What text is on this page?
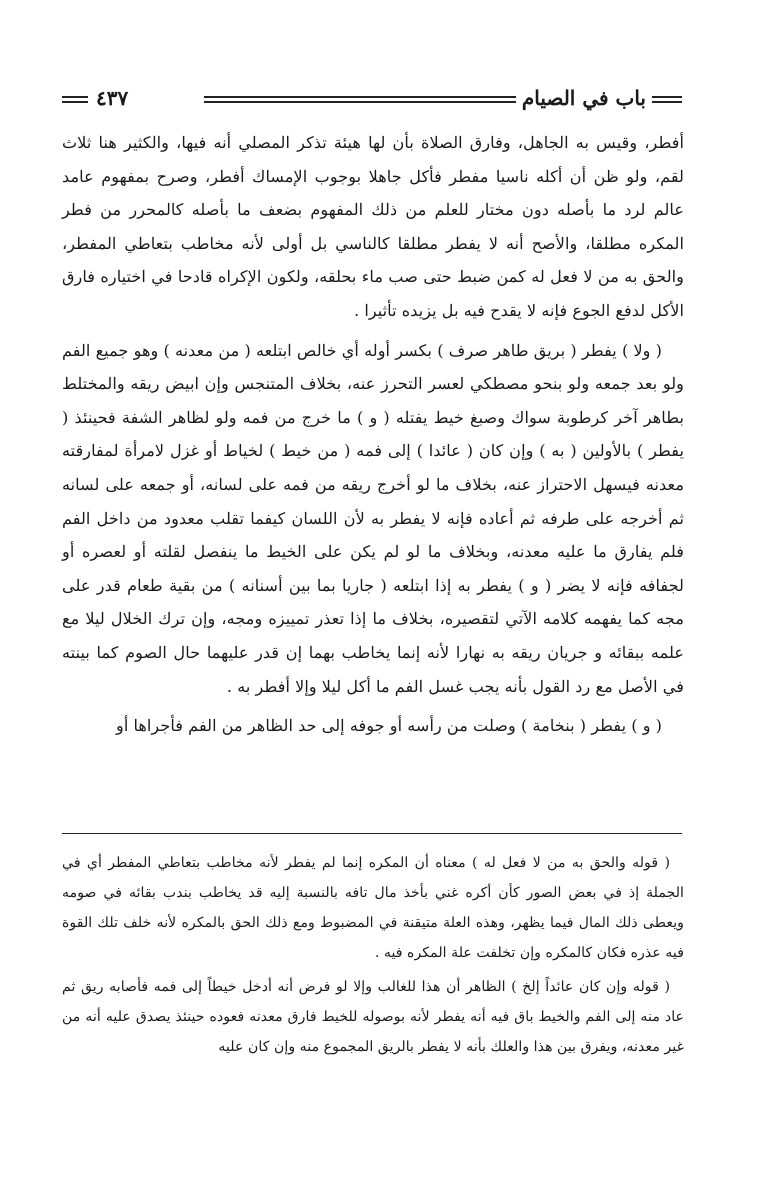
باب في الصيام
٤٣٧

أفطر، وقيس به الجاهل، وفارق الصلاة بأن لها هيئة تذكر المصلي أنه فيها، والكثير هنا ثلاث لقم، ولو ظن أن أكله ناسيا مفطر فأكل جاهلا بوجوب الإمساك أفطر، وصرح بمفهوم عامد عالم لرد ما بأصله دون مختار للعلم من ذلك المفهوم بضعف ما بأصله كالمحرر من فطر المكره مطلقا، والأصح أنه لا يفطر مطلقا كالناسي بل أولى لأنه مخاطب بتعاطي المفطر، والحق به من لا فعل له كمن ضبط حتى صب ماء بحلقه، ولكون الإكراه قادحا في اختياره فارق الأكل لدفع الجوع فإنه لا يقدح فيه بل يزيده تأثيرا .

( ولا ) يفطر ( بريق طاهر صرف ) بكسر أوله أي خالص ابتلعه ( من معدنه ) وهو جميع الفم ولو بعد جمعه ولو بنحو مصطكي لعسر التحرز عنه، بخلاف المتنجس وإن ابيض ريقه والمختلط بطاهر آخر كرطوبة سواك وصبغ خيط يفتله ( و ) ما خرج من فمه ولو لظاهر الشفة فحينئذ ( يفطر ) بالأولين ( به ) وإن كان ( عائدا ) إلى فمه ( من خيط ) لخياط أو غزل لامرأة لمفارقته معدنه فيسهل الاحتراز عنه، بخلاف ما لو أخرج ريقه من فمه على لسانه، أو جمعه على لسانه ثم أخرجه على طرفه ثم أعاده فإنه لا يفطر به لأن اللسان كيفما تقلب معدود من داخل الفم فلم يفارق ما عليه معدنه، وبخلاف ما لو لم يكن على الخيط ما ينفصل لقلته أو لعصره أو لجفافه فإنه لا يضر ( و ) يفطر به إذا ابتلعه ( جاريا بما بين أسنانه ) من بقية طعام قدر على مجه كما يفهمه كلامه الآتي لتقصيره، بخلاف ما إذا تعذر تمييزه ومجه، وإن ترك الخلال ليلا مع علمه ببقائه و جريان ريقه به نهارا لأنه إنما يخاطب بهما إن قدر عليهما حال الصوم كما بينته في الأصل مع رد القول بأنه يجب غسل الفم ما أكل ليلا وإلا أفطر به .

( و ) يفطر ( بنخامة ) وصلت من رأسه أو جوفه إلى حد الظاهر من الفم فأجراها أو

( قوله والحق به من لا فعل له ) معناه أن المكره إنما لم يفطر لأنه مخاطب بتعاطي المفطر أي في الجملة إذ في بعض الصور كأن أكره غني بأخذ مال تافه بالنسبة إليه قد يخاطب بندب بقائه في صومه ويعطى ذلك المال فيما يظهر، وهذه العلة متيقنة في المضبوط ومع ذلك الحق بالمكره لأنه خلف تلك القوة فيه عذره فكان كالمكره وإن تخلفت علة المكره فيه .

( قوله وإن كان عائداً إلخ ) الظاهر أن هذا للغالب وإلا لو فرض أنه أدخل خيطاً إلى فمه فأصابه ريق ثم عاد منه إلى الفم والخيط باق فيه أنه يفطر لأنه بوصوله للخيط فارق معدنه فعوده حينئذ يصدق عليه أنه من غير معدنه، ويفرق بين هذا والعلك بأنه لا يفطر بالريق المجموع منه وإن كان عليه
